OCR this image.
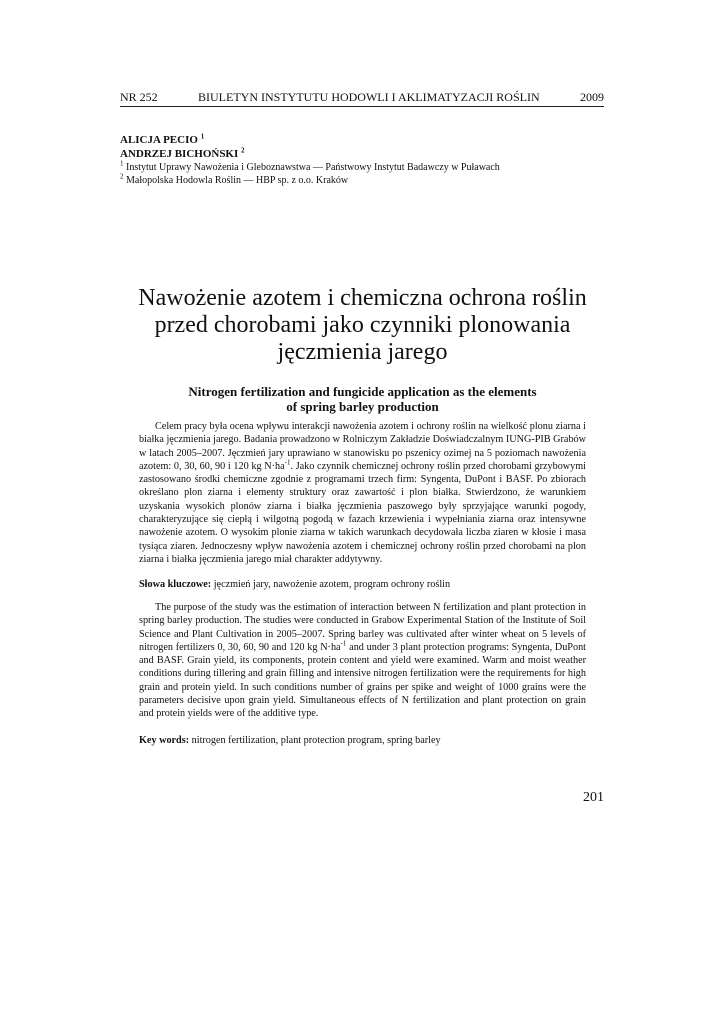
NR 252	BIULETYN INSTYTUTU HODOWLI I AKLIMATYZACJI ROŚLIN	2009
ALICJA PECIO $^1$
ANDRZEJ BICHOŃSKI $^2$
$^1$ Instytut Uprawy Nawożenia i Gleboznawstwa — Państwowy Instytut Badawczy w Puławach
$^2$ Małopolska Hodowla Roślin — HBP sp. z o.o. Kraków
Nawożenie azotem i chemiczna ochrona roślin
przed chorobami jako czynniki plonowania
jęczmienia jarego
Nitrogen fertilization and fungicide application as the elements
of spring barley production

Celem pracy była ocena wpływu interakcji nawożenia azotem i ochrony roślin na wielkość plonu ziarna i białka jęczmienia jarego. Badania prowadzono w Rolniczym Zakładzie Doświadczalnym IUNG-PIB Grabów w latach 2005–2007. Jęczmień jary uprawiano w stanowisku po pszenicy ozimej na 5 poziomach nawożenia azotem: 0, 30, 60, 90 i 120 kg $N\cdot ha^{-1}$. Jako czynnik chemicznej ochrony roślin przed chorobami grzybowymi zastosowano środki chemiczne zgodnie z programami trzech firm: Syngenta, DuPont i BASF. Po zbiorach określano plon ziarna i elementy struktury oraz zawartość i plon białka. Stwierdzono, że warunkiem uzyskania wysokich plonów ziarna i białka jęczmienia paszowego były sprzyjające warunki pogody, charakteryzujące się ciepłą i wilgotną pogodą w fazach krzewienia i wypełniania ziarna oraz intensywne nawożenie azotem. O wysokim plonie ziarna w takich warunkach decydowała liczba ziaren w kłosie i masa tysiąca ziaren. Jednoczesny wpływ nawożenia azotem i chemicznej ochrony roślin przed chorobami na plon ziarna i białka jęczmienia jarego miał charakter addytywny.

Słowa kluczowe: jęczmień jary, nawożenie azotem, program ochrony roślin

The purpose of the study was the estimation of interaction between N fertilization and plant protection in spring barley production. The studies were conducted in Grabow Experimental Station of the Institute of Soil Science and Plant Cultivation in 2005–2007. Spring barley was cultivated after winter wheat on 5 levels of nitrogen fertilizers 0, 30, 60, 90 and 120 kg $N\cdot ha^{-1}$ and under 3 plant protection programs: Syngenta, DuPont and BASF. Grain yield, its components, protein content and yield were examined. Warm and moist weather conditions during tillering and grain filling and intensive nitrogen fertilization were the requirements for high grain and protein yield. In such conditions number of grains per spike and weight of 1000 grains were the parameters decisive upon grain yield. Simultaneous effects of N fertilization and plant protection on grain and protein yields were of the additive type.

Key words: nitrogen fertilization, plant protection program, spring barley

201
